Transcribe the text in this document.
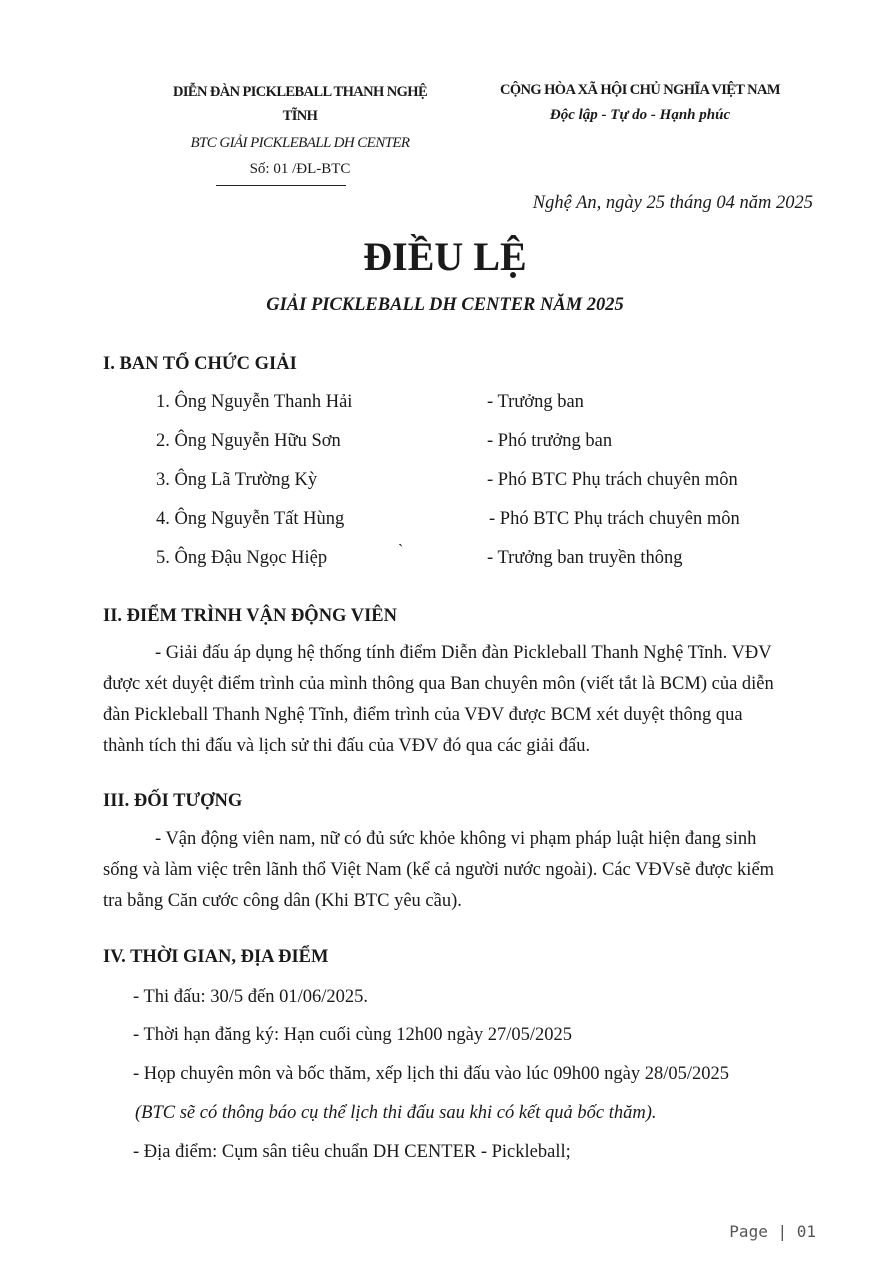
DIỄN ĐÀN PICKLEBALL THANH NGHỆ
TĨNH
BTC GIẢI PICKLEBALL DH CENTER
Số: 01 /ĐL-BTC
CỘNG HÒA XÃ HỘI CHỦ NGHĨA VIỆT NAM
Độc lập - Tự do - Hạnh phúc
Nghệ An, ngày 25 tháng 04 năm 2025
ĐIỀU LỆ
GIẢI PICKLEBALL DH CENTER NĂM 2025
I. BAN TỔ CHỨC GIẢI
1. Ông Nguyễn Thanh Hải	- Trưởng ban
2. Ông Nguyễn Hữu Sơn	- Phó trưởng ban
3. Ông Lã Trường Kỳ	- Phó BTC Phụ trách chuyên môn
4. Ông Nguyễn Tất Hùng	- Phó BTC Phụ trách chuyên môn
5. Ông Đậu Ngọc Hiệp	- Trưởng ban truyền thông
`
II. ĐIỂM TRÌNH VẬN ĐỘNG VIÊN

- Giải đấu áp dụng hệ thống tính điểm Diễn đàn Pickleball Thanh Nghệ Tĩnh. VĐV

được xét duyệt điểm trình của mình thông qua Ban chuyên môn (viết tắt là BCM) của diễn

đàn Pickleball Thanh Nghệ Tĩnh, điểm trình của VĐV được BCM xét duyệt thông qua

thành tích thi đấu và lịch sử thi đấu của VĐV đó qua các giải đấu.

III. ĐỐI TƯỢNG

- Vận động viên nam, nữ có đủ sức khỏe không vi phạm pháp luật hiện đang sinh

sống và làm việc trên lãnh thổ Việt Nam (kể cả người nước ngoài). Các VĐVsẽ được kiểm

tra bằng Căn cước công dân (Khi BTC yêu cầu).

IV. THỜI GIAN, ĐỊA ĐIỂM
- Thi đấu: 30/5 đến 01/06/2025.
- Thời hạn đăng ký: Hạn cuối cùng 12h00 ngày 27/05/2025
- Họp chuyên môn và bốc thăm, xếp lịch thi đấu vào lúc 09h00 ngày 28/05/2025
(BTC sẽ có thông báo cụ thể lịch thi đấu sau khi có kết quả bốc thăm).
- Địa điểm: Cụm sân tiêu chuẩn DH CENTER - Pickleball;
Page | 01
